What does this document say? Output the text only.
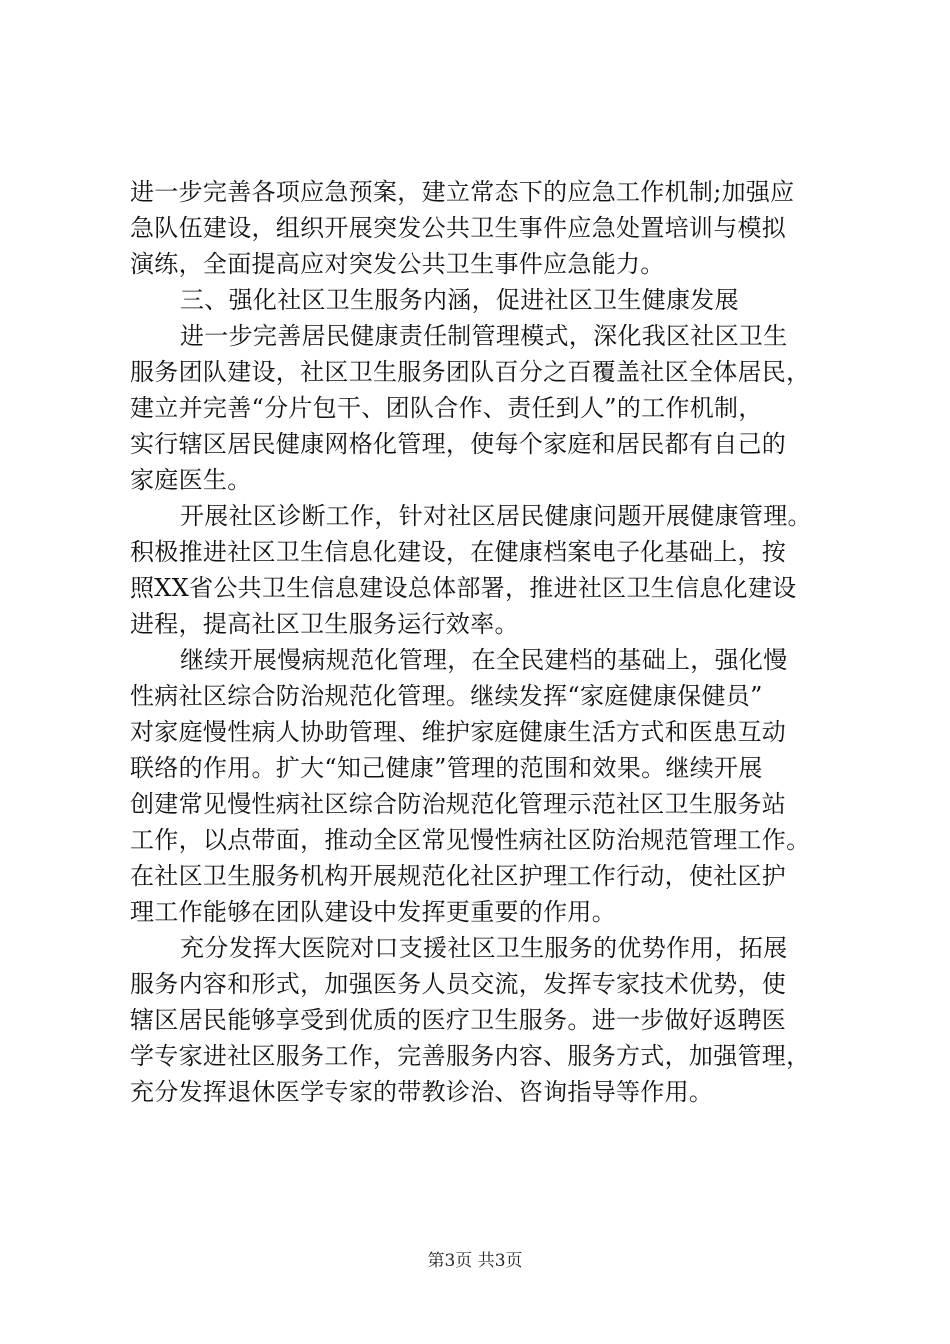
进一步完善各项应急预案，建立常态下的应急工作机制;加强应
急队伍建设，组织开展突发公共卫生事件应急处置培训与模拟
演练，全面提高应对突发公共卫生事件应急能力。

三、强化社区卫生服务内涵，促进社区卫生健康发展

进一步完善居民健康责任制管理模式，深化我区社区卫生
服务团队建设，社区卫生服务团队百分之百覆盖社区全体居民，
建立并完善“分片包干、团队合作、责任到人”的工作机制，
实行辖区居民健康网格化管理，使每个家庭和居民都有自己的
家庭医生。

开展社区诊断工作，针对社区居民健康问题开展健康管理。
积极推进社区卫生信息化建设，在健康档案电子化基础上，按
照XX省公共卫生信息建设总体部署，推进社区卫生信息化建设
进程，提高社区卫生服务运行效率。

继续开展慢病规范化管理，在全民建档的基础上，强化慢
性病社区综合防治规范化管理。继续发挥“家庭健康保健员”
对家庭慢性病人协助管理、维护家庭健康生活方式和医患互动
联络的作用。扩大“知己健康”管理的范围和效果。继续开展
创建常见慢性病社区综合防治规范化管理示范社区卫生服务站
工作，以点带面，推动全区常见慢性病社区防治规范管理工作。
在社区卫生服务机构开展规范化社区护理工作行动，使社区护
理工作能够在团队建设中发挥更重要的作用。

充分发挥大医院对口支援社区卫生服务的优势作用，拓展
服务内容和形式，加强医务人员交流，发挥专家技术优势，使
辖区居民能够享受到优质的医疗卫生服务。进一步做好返聘医
学专家进社区服务工作，完善服务内容、服务方式，加强管理，
充分发挥退休医学专家的带教诊治、咨询指导等作用。

第3页 共3页
